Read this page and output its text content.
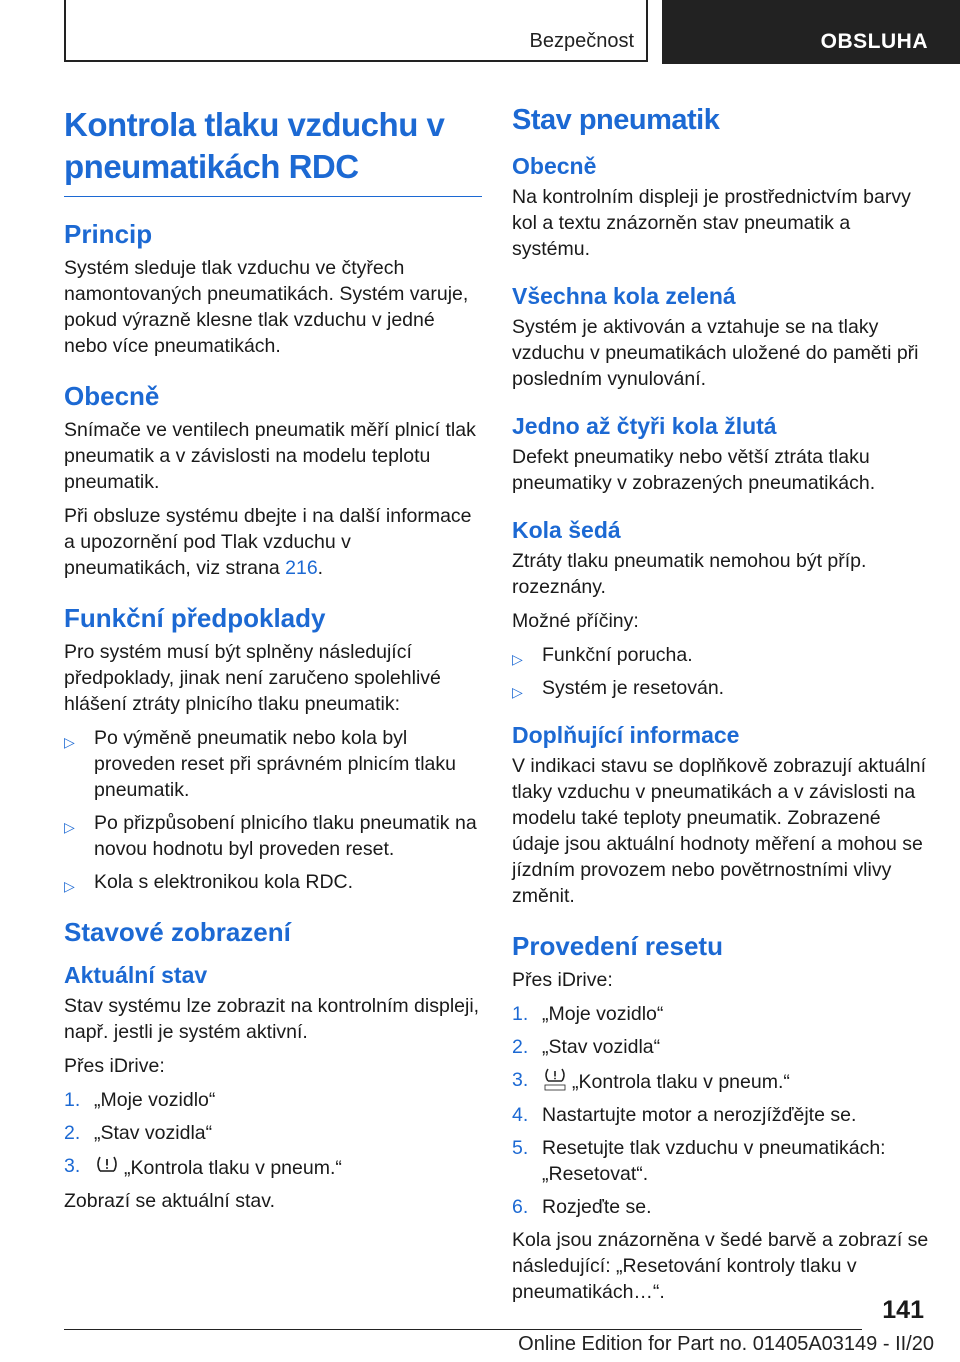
Bezpečnost	OBSLUHA
Kontrola tlaku vzduchu v pneumatikách RDC
Princip

Systém sleduje tlak vzduchu ve čtyřech namontovaných pneumatikách. Systém varuje, pokud výrazně klesne tlak vzduchu v jedné nebo více pneumatikách.

Obecně

Snímače ve ventilech pneumatik měří plnicí tlak pneumatik a v závislosti na modelu teplotu pneumatik.

Při obsluze systému dbejte i na další informace a upozornění pod Tlak vzduchu v pneumatikách, viz strana 216.

Funkční předpoklady

Pro systém musí být splněny následující předpoklady, jinak není zaručeno spolehlivé hlášení ztráty plnicího tlaku pneumatik:

▷ Po výměně pneumatik nebo kola byl proveden reset při správném plnicím tlaku pneumatik.
▷ Po přizpůsobení plnicího tlaku pneumatik na novou hodnotu byl proveden reset.
▷ Kola s elektronikou kola RDC.
Stavové zobrazení
Aktuální stav

Stav systému lze zobrazit na kontrolním displeji, např. jestli je systém aktivní.

Přes iDrive:

1. „Moje vozidlo“
2. „Stav vozidla“
3. „Kontrola tlaku v pneum.“

Zobrazí se aktuální stav.

Stav pneumatik
Obecně

Na kontrolním displeji je prostřednictvím barvy kol a textu znázorněn stav pneumatik a systému.

Všechna kola zelená

Systém je aktivován a vztahuje se na tlaky vzduchu v pneumatikách uložené do paměti při posledním vynulování.

Jedno až čtyři kola žlutá

Defekt pneumatiky nebo větší ztráta tlaku pneumatiky v zobrazených pneumatikách.

Kola šedá

Ztráty tlaku pneumatik nemohou být příp. rozeznány.

Možné příčiny:

▷ Funkční porucha.
▷ Systém je resetován.
Doplňující informace

V indikaci stavu se doplňkově zobrazují aktuální tlaky vzduchu v pneumatikách a v závislosti na modelu také teploty pneumatik. Zobrazené údaje jsou aktuální hodnoty měření a mohou se jízdním provozem nebo povětrnostními vlivy změnit.

Provedení resetu

Přes iDrive:

1. „Moje vozidlo“
2. „Stav vozidla“
3. „Kontrola tlaku v pneum.“
4. Nastartujte motor a nerozjížďějte se.
5. Resetujte tlak vzduchu v pneumatikách: „Resetovat“.
6. Rozjeďte se.

Kola jsou znázorněna v šedé barvě a zobrazí se následující: „Resetování kontroly tlaku v pneumatikách…“.

141
Online Edition for Part no. 01405A03149 - II/20
